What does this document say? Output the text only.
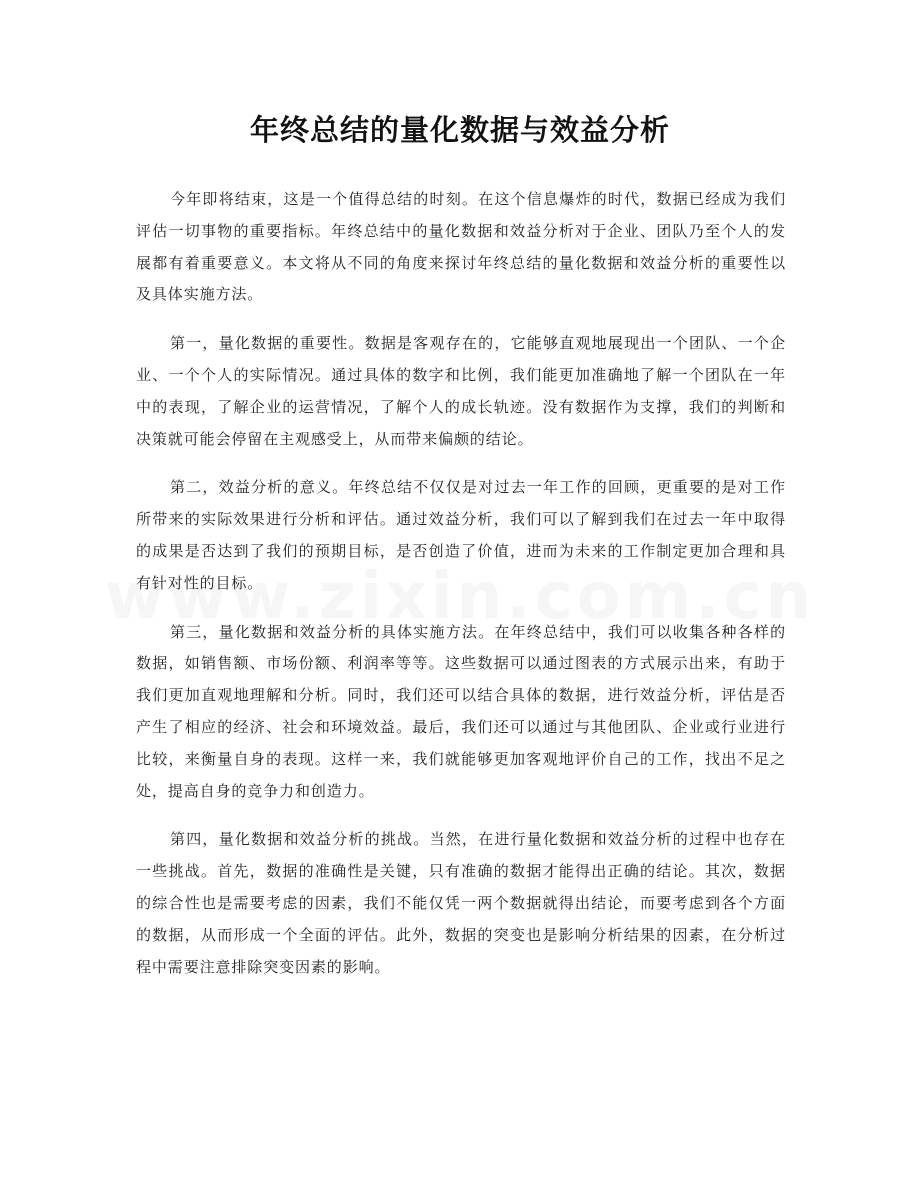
年终总结的量化数据与效益分析

今年即将结束，这是一个值得总结的时刻。在这个信息爆炸的时代，数据已经成为我们评估一切事物的重要指标。年终总结中的量化数据和效益分析对于企业、团队乃至个人的发展都有着重要意义。本文将从不同的角度来探讨年终总结的量化数据和效益分析的重要性以及具体实施方法。

第一，量化数据的重要性。数据是客观存在的，它能够直观地展现出一个团队、一个企业、一个个人的实际情况。通过具体的数字和比例，我们能更加准确地了解一个团队在一年中的表现，了解企业的运营情况，了解个人的成长轨迹。没有数据作为支撑，我们的判断和决策就可能会停留在主观感受上，从而带来偏颇的结论。

第二，效益分析的意义。年终总结不仅仅是对过去一年工作的回顾，更重要的是对工作所带来的实际效果进行分析和评估。通过效益分析，我们可以了解到我们在过去一年中取得的成果是否达到了我们的预期目标，是否创造了价值，进而为未来的工作制定更加合理和具有针对性的目标。

第三，量化数据和效益分析的具体实施方法。在年终总结中，我们可以收集各种各样的数据，如销售额、市场份额、利润率等等。这些数据可以通过图表的方式展示出来，有助于我们更加直观地理解和分析。同时，我们还可以结合具体的数据，进行效益分析，评估是否产生了相应的经济、社会和环境效益。最后，我们还可以通过与其他团队、企业或行业进行比较，来衡量自身的表现。这样一来，我们就能够更加客观地评价自己的工作，找出不足之处，提高自身的竞争力和创造力。

第四，量化数据和效益分析的挑战。当然，在进行量化数据和效益分析的过程中也存在一些挑战。首先，数据的准确性是关键，只有准确的数据才能得出正确的结论。其次，数据的综合性也是需要考虑的因素，我们不能仅凭一两个数据就得出结论，而要考虑到各个方面的数据，从而形成一个全面的评估。此外，数据的突变也是影响分析结果的因素，在分析过程中需要注意排除突变因素的影响。
